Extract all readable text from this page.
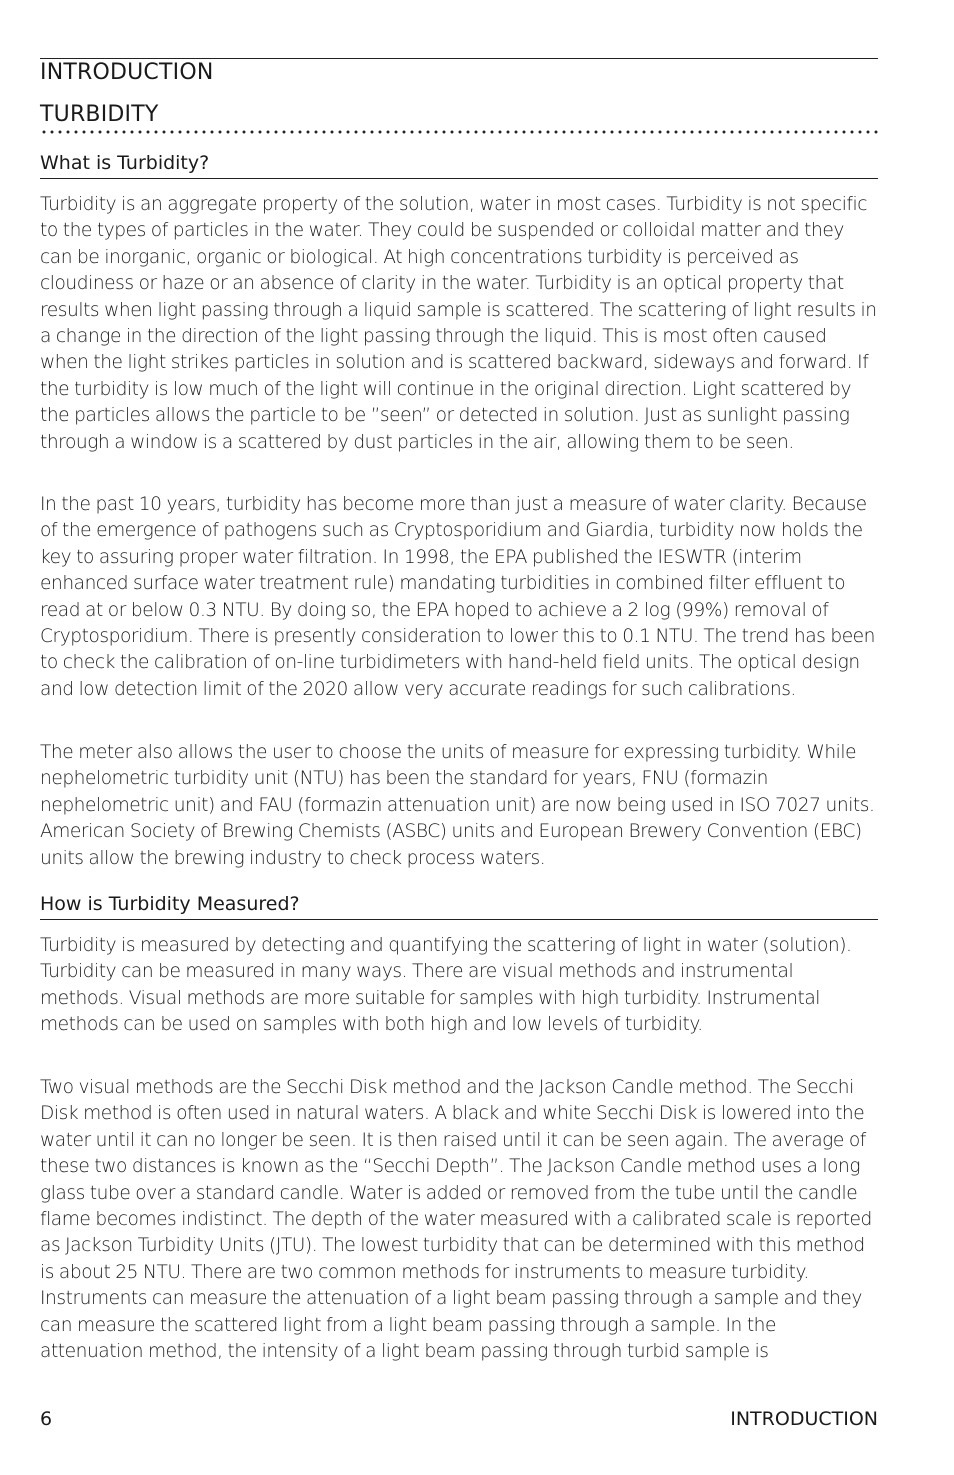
INTRODUCTION
TURBIDITY
What is Turbidity?
Turbidity is an aggregate property of the solution, water in most cases. Turbidity is not specific to the types of particles in the water. They could be suspended or colloidal matter and they can be inorganic, organic or biological. At high concentrations turbidity is perceived as cloudiness or haze or an absence of clarity in the water. Turbidity is an optical property that results when light passing through a liquid sample is scattered. The scattering of light results in a change in the direction of the light passing through the liquid. This is most often caused when the light strikes particles in solution and is scattered backward, sideways and forward. If the turbidity is low much of the light will continue in the original direction. Light scattered by the particles allows the particle to be ”seen” or detected in solution. Just as sunlight passing through a window is a scattered by dust particles in the air, allowing them to be seen.
In the past 10 years, turbidity has become more than just a measure of water clarity. Because of the emergence of pathogens such as Cryptosporidium and Giardia, turbidity now holds the key to assuring proper water filtration. In 1998, the EPA published the IESWTR (interim enhanced surface water treatment rule) mandating turbidities in combined filter effluent to read at or below 0.3 NTU. By doing so, the EPA hoped to achieve a 2 log (99%) removal of Cryptosporidium. There is presently consideration to lower this to 0.1 NTU. The trend has been to check the calibration of on-line turbidimeters with hand-held field units. The optical design and low detection limit of the 2020 allow very accurate readings for such calibrations.
The meter also allows the user to choose the units of measure for expressing turbidity. While nephelometric turbidity unit (NTU) has been the standard for years, FNU (formazin nephelometric unit) and FAU (formazin attenuation unit) are now being used in ISO 7027 units. American Society of Brewing Chemists (ASBC) units and European Brewery Convention (EBC) units allow the brewing industry to check process waters.
How is Turbidity Measured?
Turbidity is measured by detecting and quantifying the scattering of light in water (solution). Turbidity can be measured in many ways. There are visual methods and instrumental methods. Visual methods are more suitable for samples with high turbidity. Instrumental methods can be used on samples with both high and low levels of turbidity.
Two visual methods are the Secchi Disk method and the Jackson Candle method. The Secchi Disk method is often used in natural waters. A black and white Secchi Disk is lowered into the water until it can no longer be seen. It is then raised until it can be seen again. The average of these two distances is known as the “Secchi Depth”. The Jackson Candle method uses a long glass tube over a standard candle. Water is added or removed from the tube until the candle flame becomes indistinct. The depth of the water measured with a calibrated scale is reported as Jackson Turbidity Units (JTU). The lowest turbidity that can be determined with this method is about 25 NTU. There are two common methods for instruments to measure turbidity. Instruments can measure the attenuation of a light beam passing through a sample and they can measure the scattered light from a light beam passing through a sample. In the attenuation method, the intensity of a light beam passing through turbid sample is
6	INTRODUCTION
